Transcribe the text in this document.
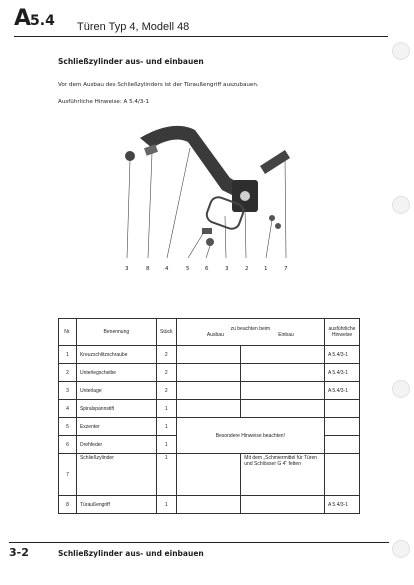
A5.4 Türen Typ 4, Modell 48
Schließzylinder aus- und einbauen
Vor dem Ausbau des Schließzylinders ist der Türaußengriff auszubauen.
Ausführliche Hinweise: A 5.4/3-1
3	8	4	5	6	3	2	1	7
Nr.	Benennung	Stück	zu beachten beim
Ausbau Einbau		ausführliche Hinweise
1	Kreuzschlitzschraube	2			A 5.4/3-1
2	Unterlegscheibe	2			A 5.4/3-1
3	Unterlage	2			A 5.4/3-1
4	Spiralspannstift	1			
5	Exzenter	1	Besondere Hinweise beachten!		
6	Drehfeder	1			
7	Schließzylinder	1		Mit dem „Schmiermittel für Türen und Schlösser G 4“ fetten	
8	Türaußengriff	1			A 5.4/3-1
3-2	Schließzylinder aus- und einbauen
